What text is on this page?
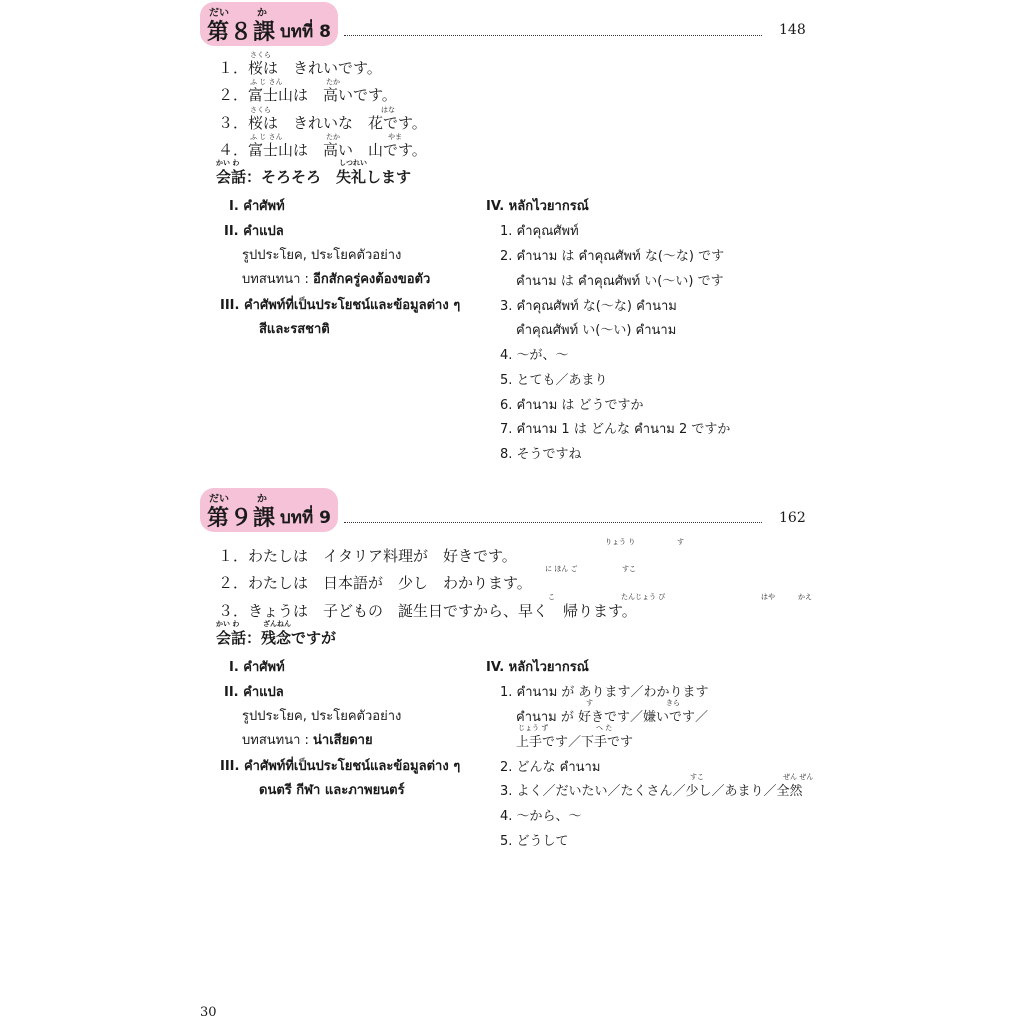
だい	か
第８課 บทที่ 8	148
さくら
１．桜は　きれいです。
ふ じ さん	たか
２．富士山は　高いです。
さくら	はな
３．桜は　きれいな　花です。
ふ じ さん	たか	やま
４．富士山は　高い　山です。
かい わ	しつれい
会話：そろそろ　失礼します
I. คำศัพท์
II. คำแปล
รูปประโยค, ประโยคตัวอย่าง
บทสนทนา : อีกสักครู่คงต้องขอตัว
III. คำศัพท์ที่เป็นประโยชน์และข้อมูลต่าง ๆ
สีและรสชาติ
IV. หลักไวยากรณ์
1. คำคุณศัพท์
2. คำนาม は คำคุณศัพท์ な(～な) です
คำนาม は คำคุณศัพท์ い(～い) です
3. คำคุณศัพท์ な(～な) คำนาม
คำคุณศัพท์ い(～い) คำนาม
4. ～が、～
5. とても／あまり
6. คำนาม は どうですか
7. คำนาม 1 は どんな คำนาม 2 ですか
8. そうですね
だい	か
第９課 บทที่ 9	162
りょう り	す
１．わたしは　イタリア料理が　好きです。
に ほん ご	すこ
２．わたしは　日本語が　少し　わかります。
こ	たんじょう び	はや	かえ
３．きょうは　子どもの　誕生日ですから、早く　帰ります。
かい わ	ざんねん
会話：残念ですが
I. คำศัพท์
II. คำแปล
รูปประโยค, ประโยคตัวอย่าง
บทสนทนา : น่าเสียดาย
III. คำศัพท์ที่เป็นประโยชน์และข้อมูลต่าง ๆ
ดนตรี กีฬา และภาพยนตร์
IV. หลักไวยากรณ์
1. คำนาม が あります／わかります
す	きら
คำนาม が 好きです／嫌いです／
じょう ず	へ た
上手です／下手です
2. どんな คำนาม
すこ	ぜん ぜん
3. よく／だいたい／たくさん／少し／あまり／全然
4. ～から、～
5. どうして
30
